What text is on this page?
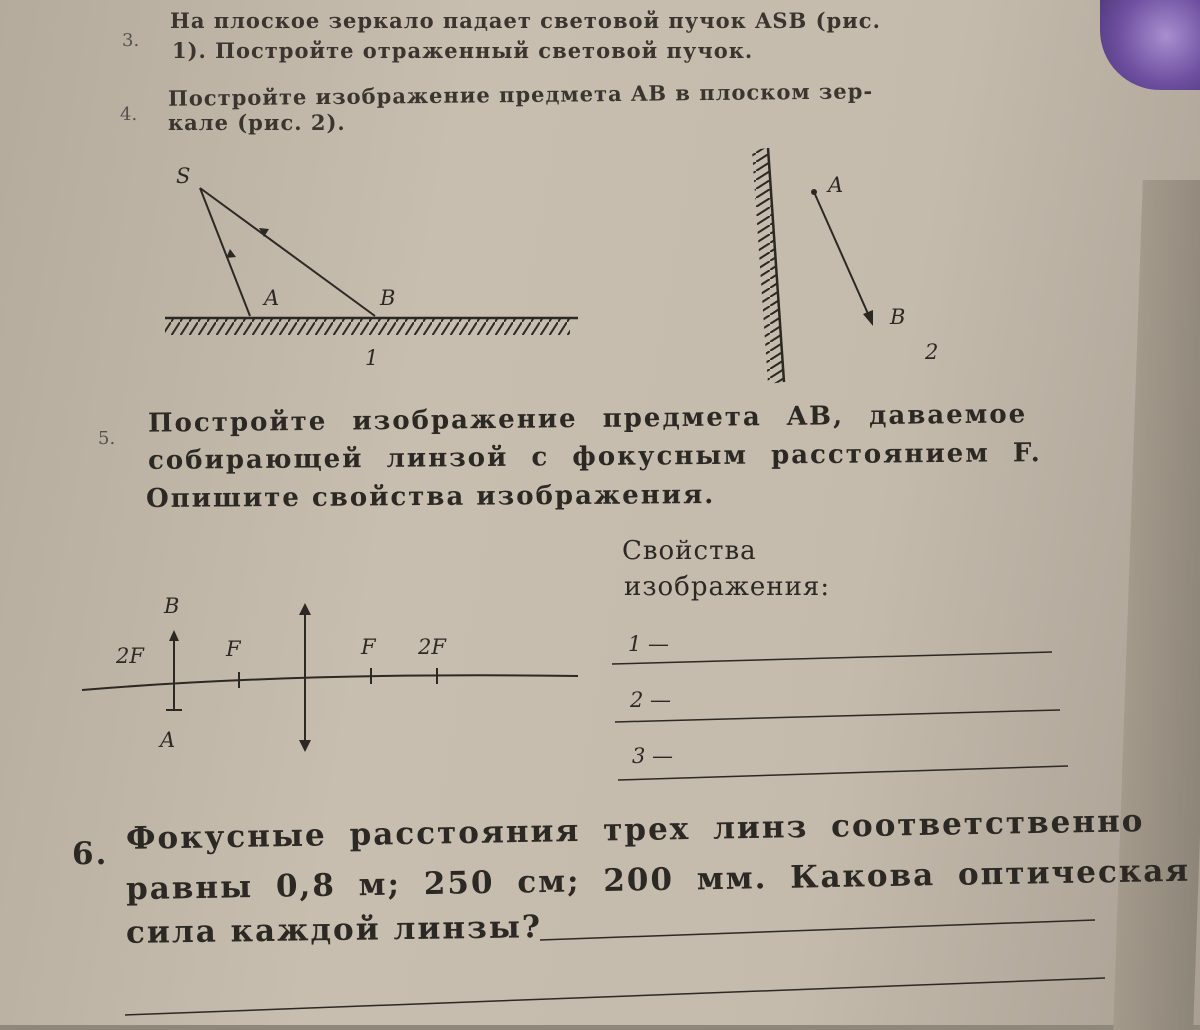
3.
На плоское зеркало падает световой пучок ASB (рис.
1). Постройте отраженный световой пучок.
4.
Постройте изображение предмета AB в плоском зер-
кале (рис. 2).
S
A	B
1
A
B
2
5. Постройте изображение предмета AB, даваемое
собирающей линзой с фокусным расстоянием F.
Опишите свойства изображения.
B
A
2F	F	F 2F
Свойства
изображения:
1 —
2 —
3 —
6. Фокусные расстояния трех линз соответственно
равны 0,8 м; 250 см; 200 мм. Какова оптическая
сила каждой линзы?
